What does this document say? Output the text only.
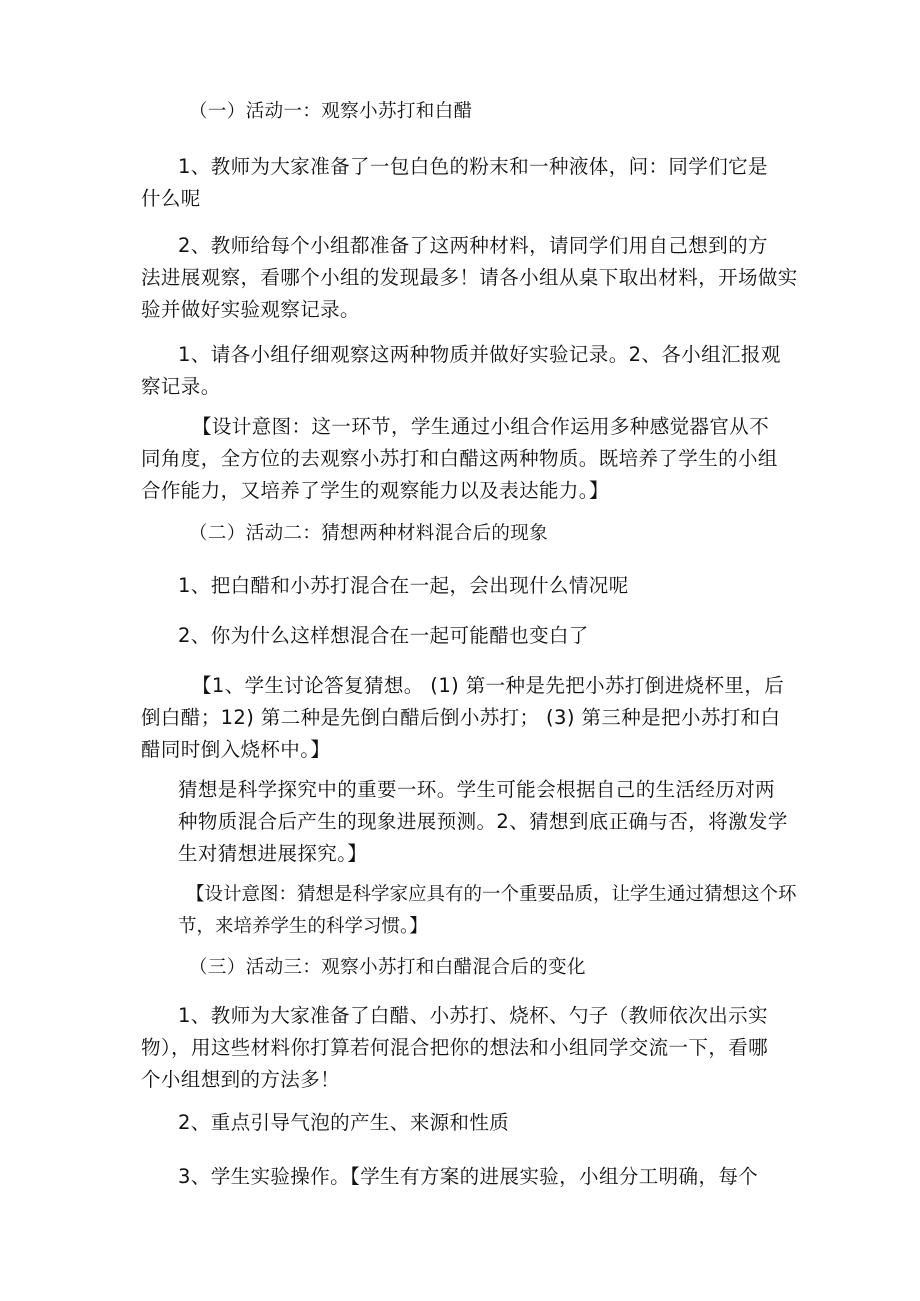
（一）活动一：观察小苏打和白醋
1、教师为大家准备了一包白色的粉末和一种液体，问：同学们它是
什么呢
2、教师给每个小组都准备了这两种材料，请同学们用自己想到的方
法进展观察，看哪个小组的发现最多！请各小组从桌下取出材料，开场做实
验并做好实验观察记录。
1、请各小组仔细观察这两种物质并做好实验记录。2、各小组汇报观
察记录。
【设计意图：这一环节，学生通过小组合作运用多种感觉器官从不
同角度，全方位的去观察小苏打和白醋这两种物质。既培养了学生的小组
合作能力，又培养了学生的观察能力以及表达能力。】
（二）活动二：猜想两种材料混合后的现象
1、把白醋和小苏打混合在一起，会出现什么情况呢
2、你为什么这样想混合在一起可能醋也变白了
【1、学生讨论答复猜想。 (1) 第一种是先把小苏打倒进烧杯里，后
倒白醋；12) 第二种是先倒白醋后倒小苏打； (3) 第三种是把小苏打和白
醋同时倒入烧杯中。】
猜想是科学探究中的重要一环。学生可能会根据自己的生活经历对两
种物质混合后产生的现象进展预测。2、猜想到底正确与否，将激发学
生对猜想进展探究。】
【设计意图：猜想是科学家应具有的一个重要品质，让学生通过猜想这个环
节，来培养学生的科学习惯。】
（三）活动三：观察小苏打和白醋混合后的变化
1、教师为大家准备了白醋、小苏打、烧杯、勺子（教师依次出示实
物），用这些材料你打算若何混合把你的想法和小组同学交流一下，看哪
个小组想到的方法多！
2、重点引导气泡的产生、来源和性质
3、学生实验操作。【学生有方案的进展实验，小组分工明确，每个
